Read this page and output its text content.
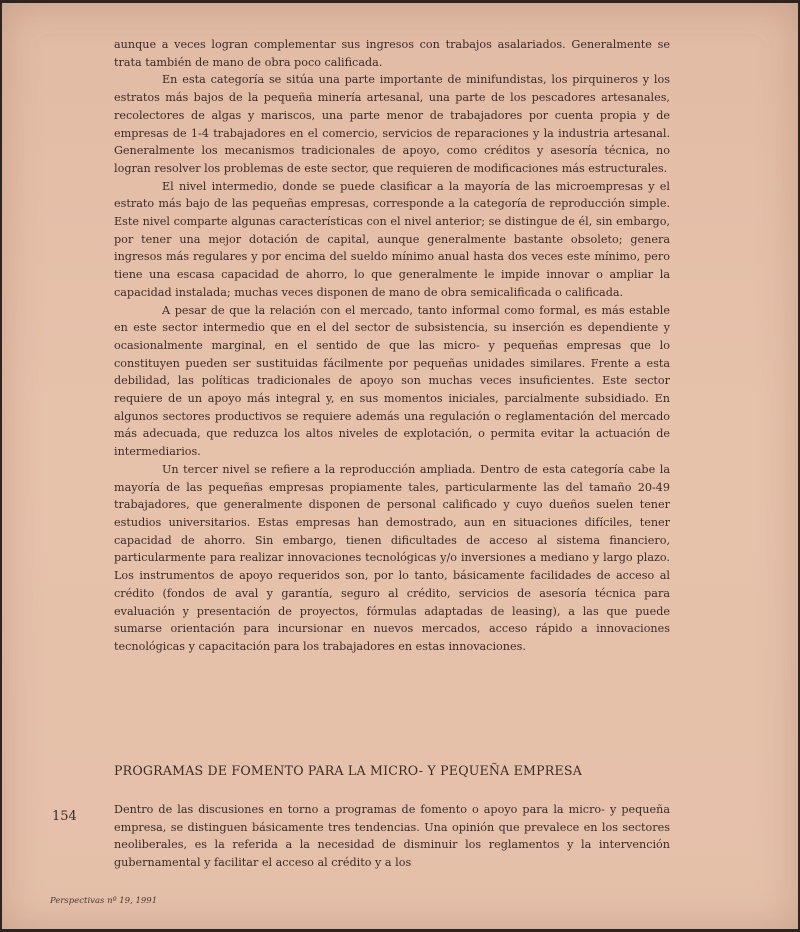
aunque a veces logran complementar sus ingresos con trabajos asalariados. Generalmente se trata también de mano de obra poco calificada.

En esta categoría se sitúa una parte importante de minifundistas, los pirquineros y los estratos más bajos de la pequeña minería artesanal, una parte de los pescadores artesanales, recolectores de algas y mariscos, una parte menor de trabajadores por cuenta propia y de empresas de 1-4 trabajadores en el comercio, servicios de reparaciones y la industria artesanal. Generalmente los mecanismos tradicionales de apoyo, como créditos y asesoría técnica, no logran resolver los problemas de este sector, que requieren de modificaciones más estructurales.

El nivel intermedio, donde se puede clasificar a la mayoría de las microempresas y el estrato más bajo de las pequeñas empresas, corresponde a la categoría de reproducción simple. Este nivel comparte algunas características con el nivel anterior; se distingue de él, sin embargo, por tener una mejor dotación de capital, aunque generalmente bastante obsoleto; genera ingresos más regulares y por encima del sueldo mínimo anual hasta dos veces este mínimo, pero tiene una escasa capacidad de ahorro, lo que generalmente le impide innovar o ampliar la capacidad instalada; muchas veces disponen de mano de obra semicalificada o calificada.

A pesar de que la relación con el mercado, tanto informal como formal, es más estable en este sector intermedio que en el del sector de subsistencia, su inserción es dependiente y ocasionalmente marginal, en el sentido de que las micro- y pequeñas empresas que lo constituyen pueden ser sustituidas fácilmente por pequeñas unidades similares. Frente a esta debilidad, las políticas tradicionales de apoyo son muchas veces insuficientes. Este sector requiere de un apoyo más integral y, en sus momentos iniciales, parcialmente subsidiado. En algunos sectores productivos se requiere además una regulación o reglamentación del mercado más adecuada, que reduzca los altos niveles de explotación, o permita evitar la actuación de intermediarios.

Un tercer nivel se refiere a la reproducción ampliada. Dentro de esta categoría cabe la mayoría de las pequeñas empresas propiamente tales, particularmente las del tamaño 20-49 trabajadores, que generalmente disponen de personal calificado y cuyo dueños suelen tener estudios universitarios. Estas empresas han demostrado, aun en situaciones difíciles, tener capacidad de ahorro. Sin embargo, tienen dificultades de acceso al sistema financiero, particularmente para realizar innovaciones tecnológicas y/o inversiones a mediano y largo plazo. Los instrumentos de apoyo requeridos son, por lo tanto, básicamente facilidades de acceso al crédito (fondos de aval y garantía, seguro al crédito, servicios de asesoría técnica para evaluación y presentación de proyectos, fórmulas adaptadas de leasing), a las que puede sumarse orientación para incursionar en nuevos mercados, acceso rápido a innovaciones tecnológicas y capacitación para los trabajadores en estas innovaciones.

PROGRAMAS DE FOMENTO PARA LA MICRO- Y PEQUEÑA EMPRESA
154	Dentro de las discusiones en torno a programas de fomento o apoyo para la micro- y pequeña empresa, se distinguen básicamente tres tendencias. Una opinión que prevalece en los sectores neoliberales, es la referida a la necesidad de disminuir los reglamentos y la intervención gubernamental y facilitar el acceso al crédito y a los

Perspectivas nº 19, 1991
